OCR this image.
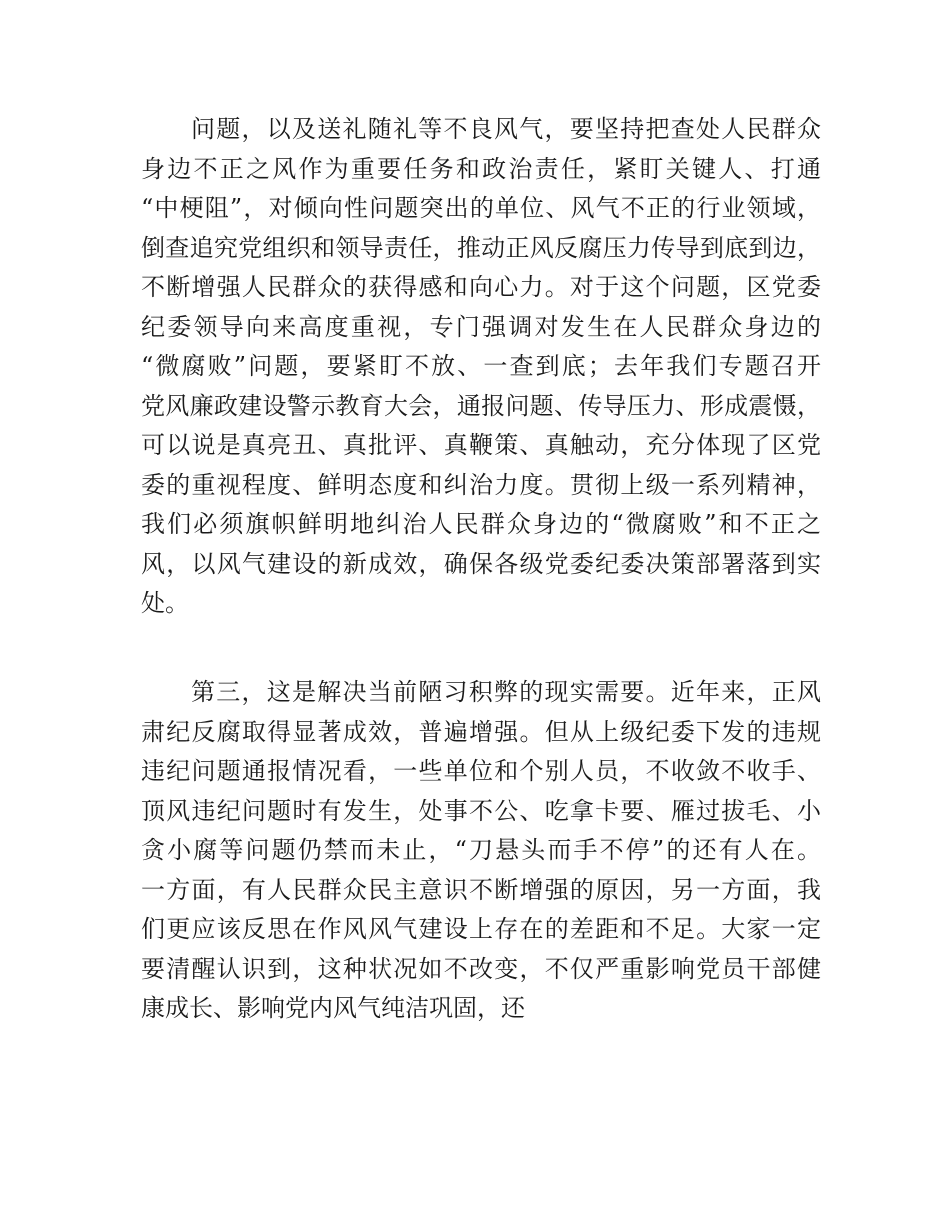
问题，以及送礼随礼等不良风气，要坚持把查处人民群众
身边不正之风作为重要任务和政治责任，紧盯关键人、打通
“中梗阻”，对倾向性问题突出的单位、风气不正的行业领域，
倒查追究党组织和领导责任，推动正风反腐压力传导到底到边，
不断增强人民群众的获得感和向心力。对于这个问题，区党委
纪委领导向来高度重视，专门强调对发生在人民群众身边的
“微腐败”问题，要紧盯不放、一查到底；去年我们专题召开
党风廉政建设警示教育大会，通报问题、传导压力、形成震慑，
可以说是真亮丑、真批评、真鞭策、真触动，充分体现了区党
委的重视程度、鲜明态度和纠治力度。贯彻上级一系列精神，
我们必须旗帜鲜明地纠治人民群众身边的“微腐败”和不正之
风，以风气建设的新成效，确保各级党委纪委决策部署落到实
处。
第三，这是解决当前陋习积弊的现实需要。近年来，正风
肃纪反腐取得显著成效，普遍增强。但从上级纪委下发的违规
违纪问题通报情况看，一些单位和个别人员，不收敛不收手、
顶风违纪问题时有发生，处事不公、吃拿卡要、雁过拔毛、小
贪小腐等问题仍禁而未止，“刀悬头而手不停”的还有人在。
一方面，有人民群众民主意识不断增强的原因，另一方面，我
们更应该反思在作风风气建设上存在的差距和不足。大家一定
要清醒认识到，这种状况如不改变，不仅严重影响党员干部健
康成长、影响党内风气纯洁巩固，还
